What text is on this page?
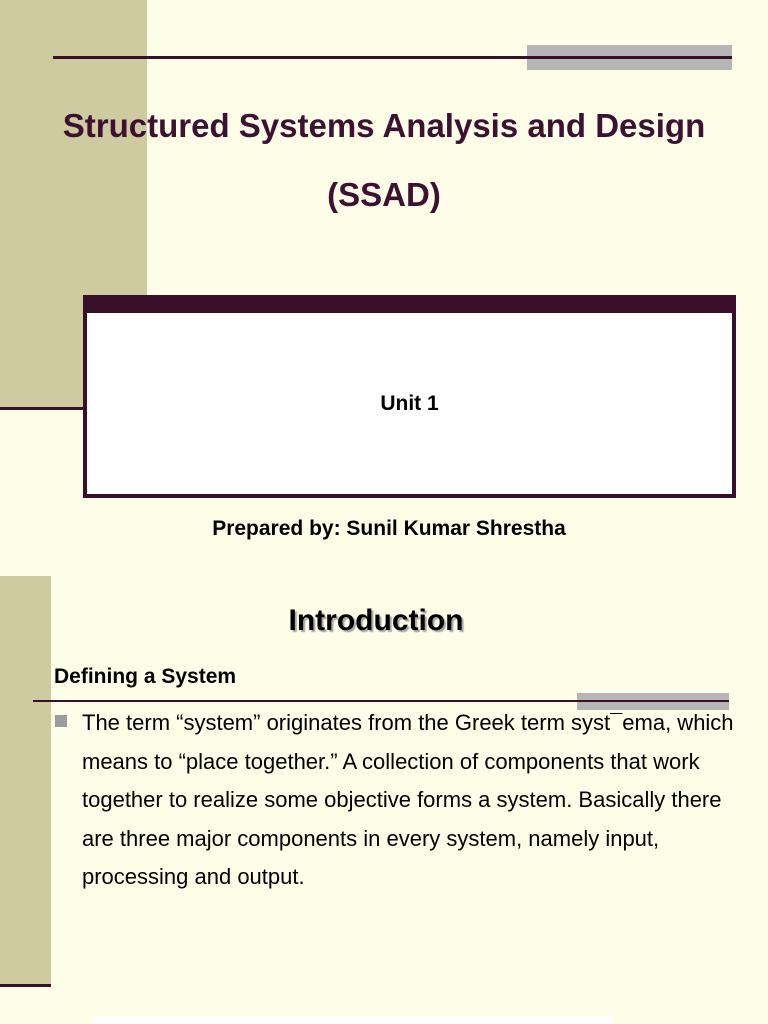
Structured Systems Analysis and Design
(SSAD)
Unit 1
Prepared by: Sunil Kumar Shrestha
Introduction
Defining a System
The term “system” originates from the Greek term syst¯ema, which means to “place together.” A collection of components that work together to realize some objective forms a system. Basically there are three major components in every system, namely input, processing and output.
